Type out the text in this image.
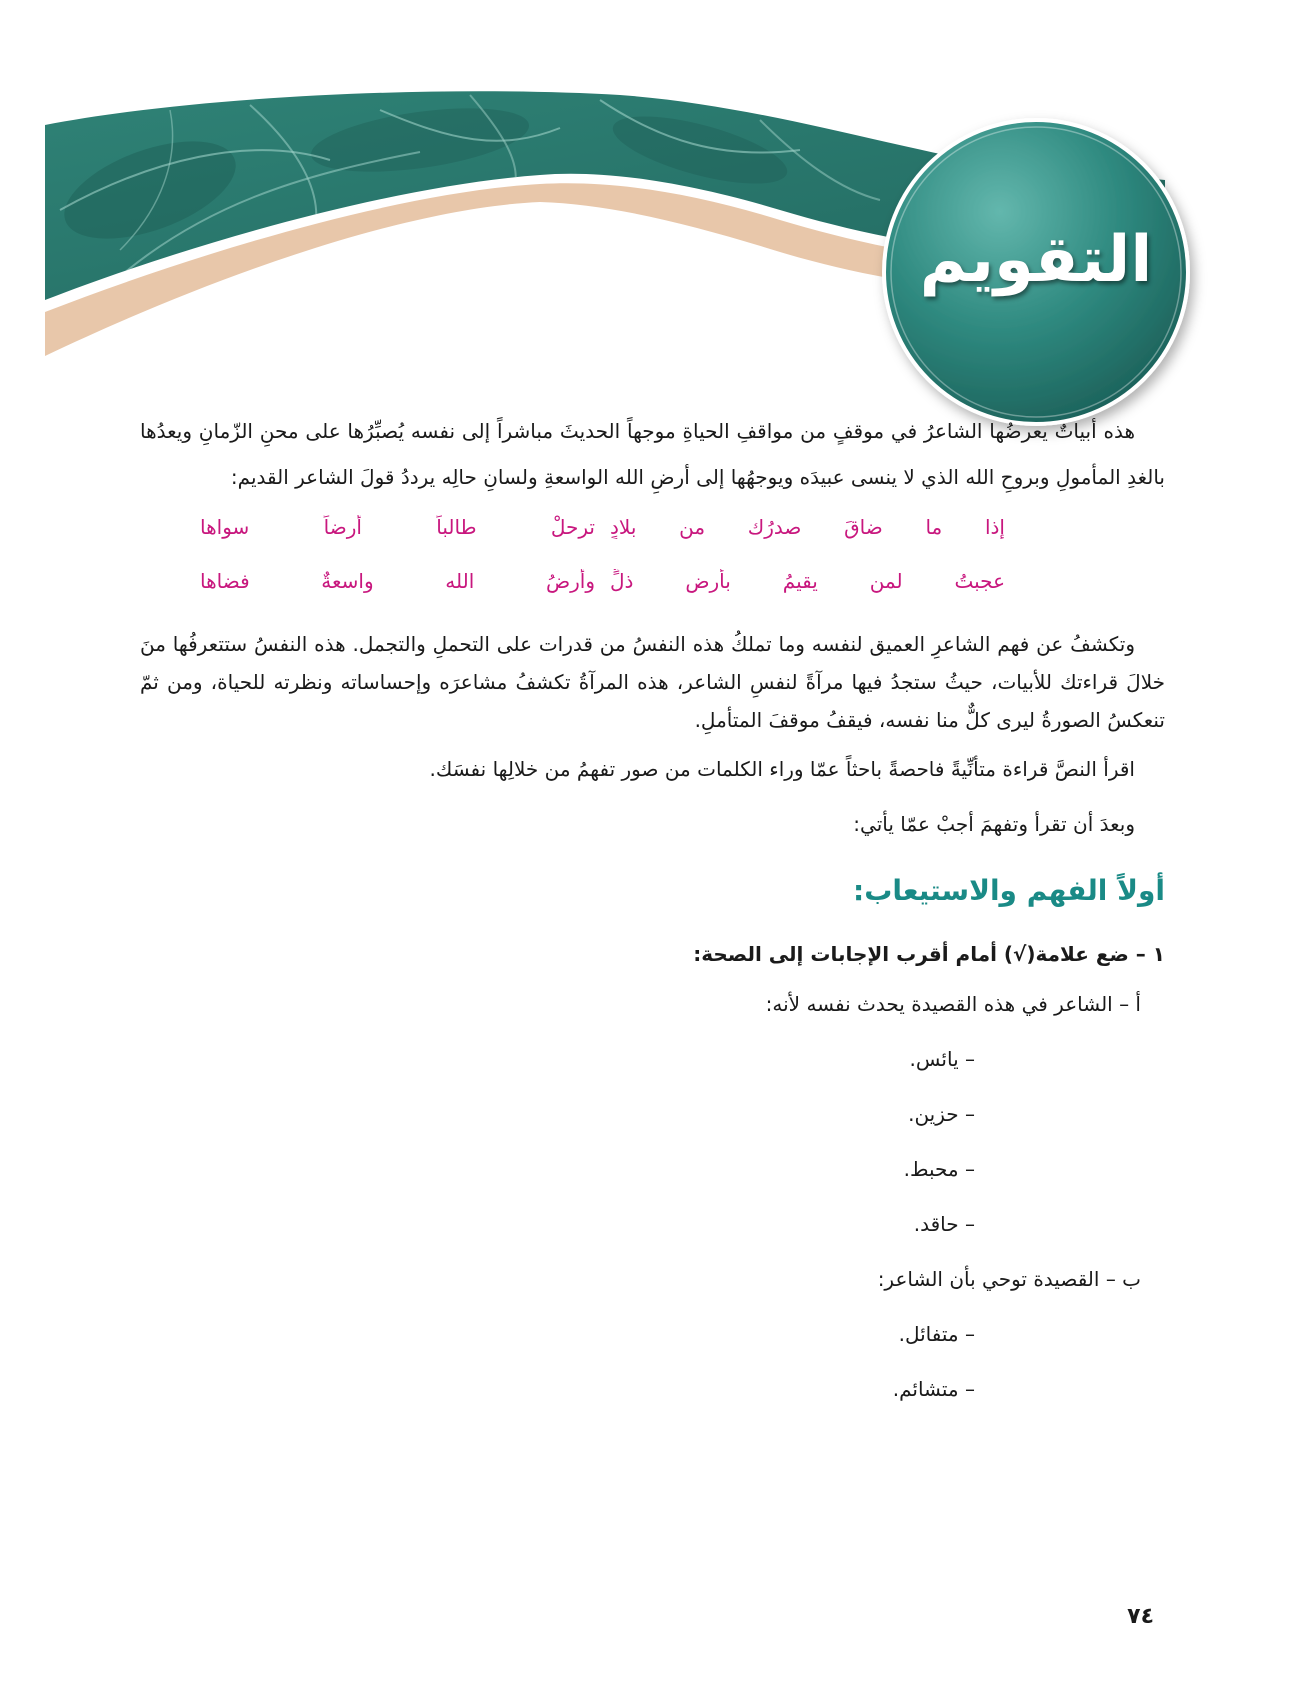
التقويم

هذه أبياتٌ يعرضُها الشاعرُ في موقفٍ من مواقفِ الحياةِ موجهاً الحديثَ مباشراً إلى نفسه يُصبِّرُها على محنِ الزّمانِ ويعدُها بالغدِ المأمولِ وبروحِ الله الذي لا ينسى عبيدَه ويوجهُها إلى أرضِ الله الواسعةِ ولسانِ حالِه يرددُ قولَ الشاعر القديم:

إذا ما ضاقَ صدرُك من بلادٍ
ترحلْ طالباً أرضاً سواها
عجبتُ لمن يقيمُ بأرضِ ذلٍّ
وأرضُ الله واسعةٌ فضاها

وتكشفُ عن فهم الشاعرِ العميق لنفسه وما تملكُ هذه النفسُ من قدرات على التحملِ والتجمل. هذه النفسُ ستتعرفُها منَ خلالَ قراءتك للأبيات، حيثُ ستجدُ فيها مرآةً لنفسِ الشاعر، هذه المرآةُ تكشفُ مشاعرَه وإحساساته ونظرته للحياة، ومن ثمّ تنعكسُ الصورةُ ليرى كلٌّ منا نفسه، فيقفُ موقفَ المتأملِ.

اقرأ النصَّ قراءة متأنِّيةً فاحصةً باحثاً عمّا وراء الكلمات من صور تفهمُ من خلالِها نفسَك.

وبعدَ أن تقرأ وتفهمَ أجبْ عمّا يأتي:

أولاً الفهم والاستيعاب:

١ – ضع علامة(√) أمام أقرب الإجابات إلى الصحة:

أ – الشاعر في هذه القصيدة يحدث نفسه لأنه:

– يائس.
– حزين.
– محبط.
– حاقد.

ب – القصيدة توحي بأن الشاعر:

– متفائل.
– متشائم.
٧٤
